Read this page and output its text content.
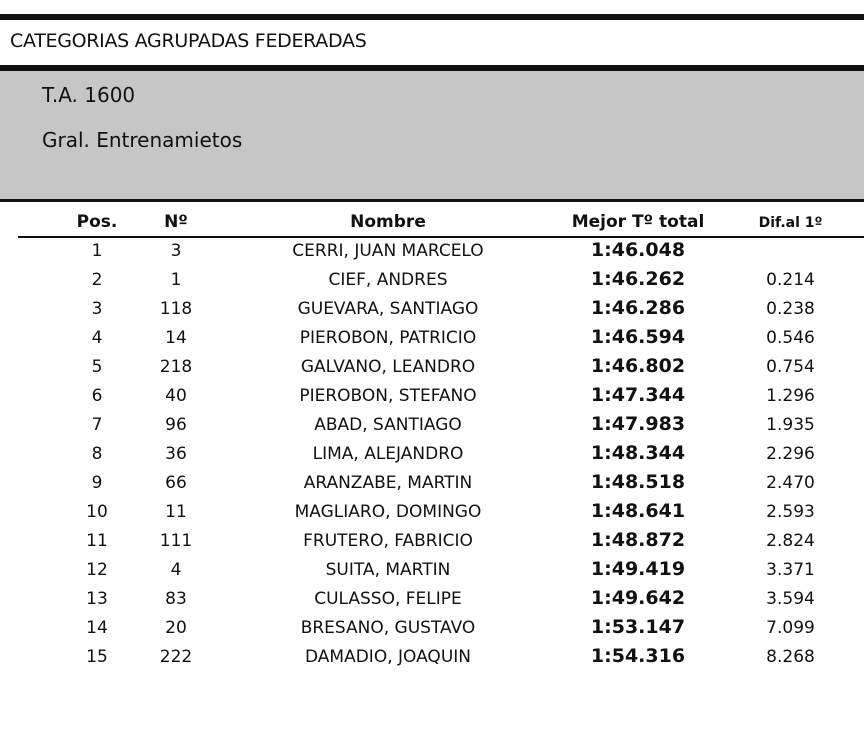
CATEGORIAS AGRUPADAS FEDERADAS
T.A. 1600
Gral. Entrenamietos
Pos.	Nº	Nombre	Mejor Tº total	Dif.al 1º
1	3	CERRI, JUAN MARCELO	1:46.048
2	1	CIEF, ANDRES	1:46.262	0.214
3	118	GUEVARA, SANTIAGO	1:46.286	0.238
4	14	PIEROBON, PATRICIO	1:46.594	0.546
5	218	GALVANO, LEANDRO	1:46.802	0.754
6	40	PIEROBON, STEFANO	1:47.344	1.296
7	96	ABAD, SANTIAGO	1:47.983	1.935
8	36	LIMA, ALEJANDRO	1:48.344	2.296
9	66	ARANZABE, MARTIN	1:48.518	2.470
10	11	MAGLIARO, DOMINGO	1:48.641	2.593
11	111	FRUTERO, FABRICIO	1:48.872	2.824
12	4	SUITA, MARTIN	1:49.419	3.371
13	83	CULASSO, FELIPE	1:49.642	3.594
14	20	BRESANO, GUSTAVO	1:53.147	7.099
15	222	DAMADIO, JOAQUIN	1:54.316	8.268
